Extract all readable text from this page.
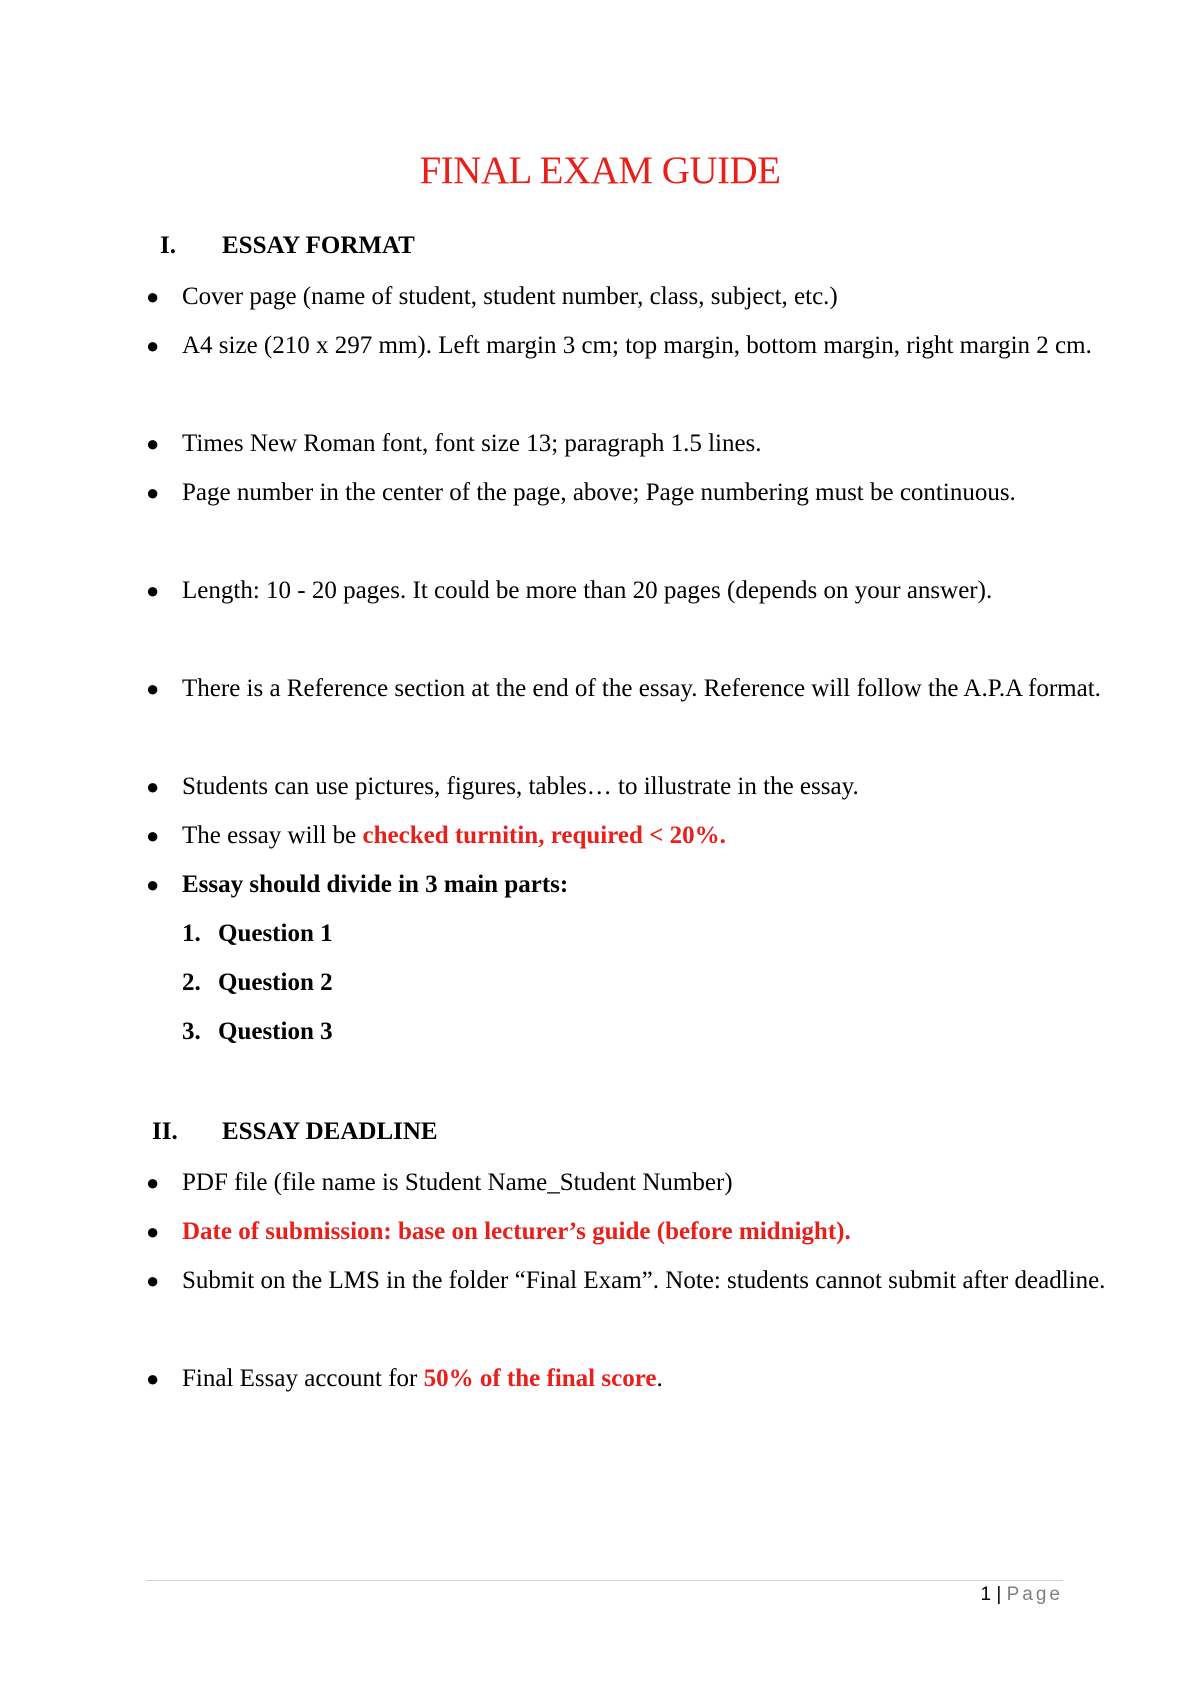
FINAL EXAM GUIDE
I. ESSAY FORMAT
● Cover page (name of student, student number, class, subject, etc.)
● A4 size (210 x 297 mm). Left margin 3 cm; top margin, bottom margin, right margin 2 cm.
● Times New Roman font, font size 13; paragraph 1.5 lines.
● Page number in the center of the page, above; Page numbering must be continuous.
● Length: 10 - 20 pages. It could be more than 20 pages (depends on your answer).
● There is a Reference section at the end of the essay. Reference will follow the A.P.A format.
● Students can use pictures, figures, tables… to illustrate in the essay.
● The essay will be checked turnitin, required < 20%.
● Essay should divide in 3 main parts:
1. Question 1
2. Question 2
3. Question 3
II. ESSAY DEADLINE
● PDF file (file name is Student Name_Student Number)
● Date of submission: base on lecturer’s guide (before midnight).
● Submit on the LMS in the folder “Final Exam”. Note: students cannot submit after deadline.
● Final Essay account for 50% of the final score.
1 | Page
